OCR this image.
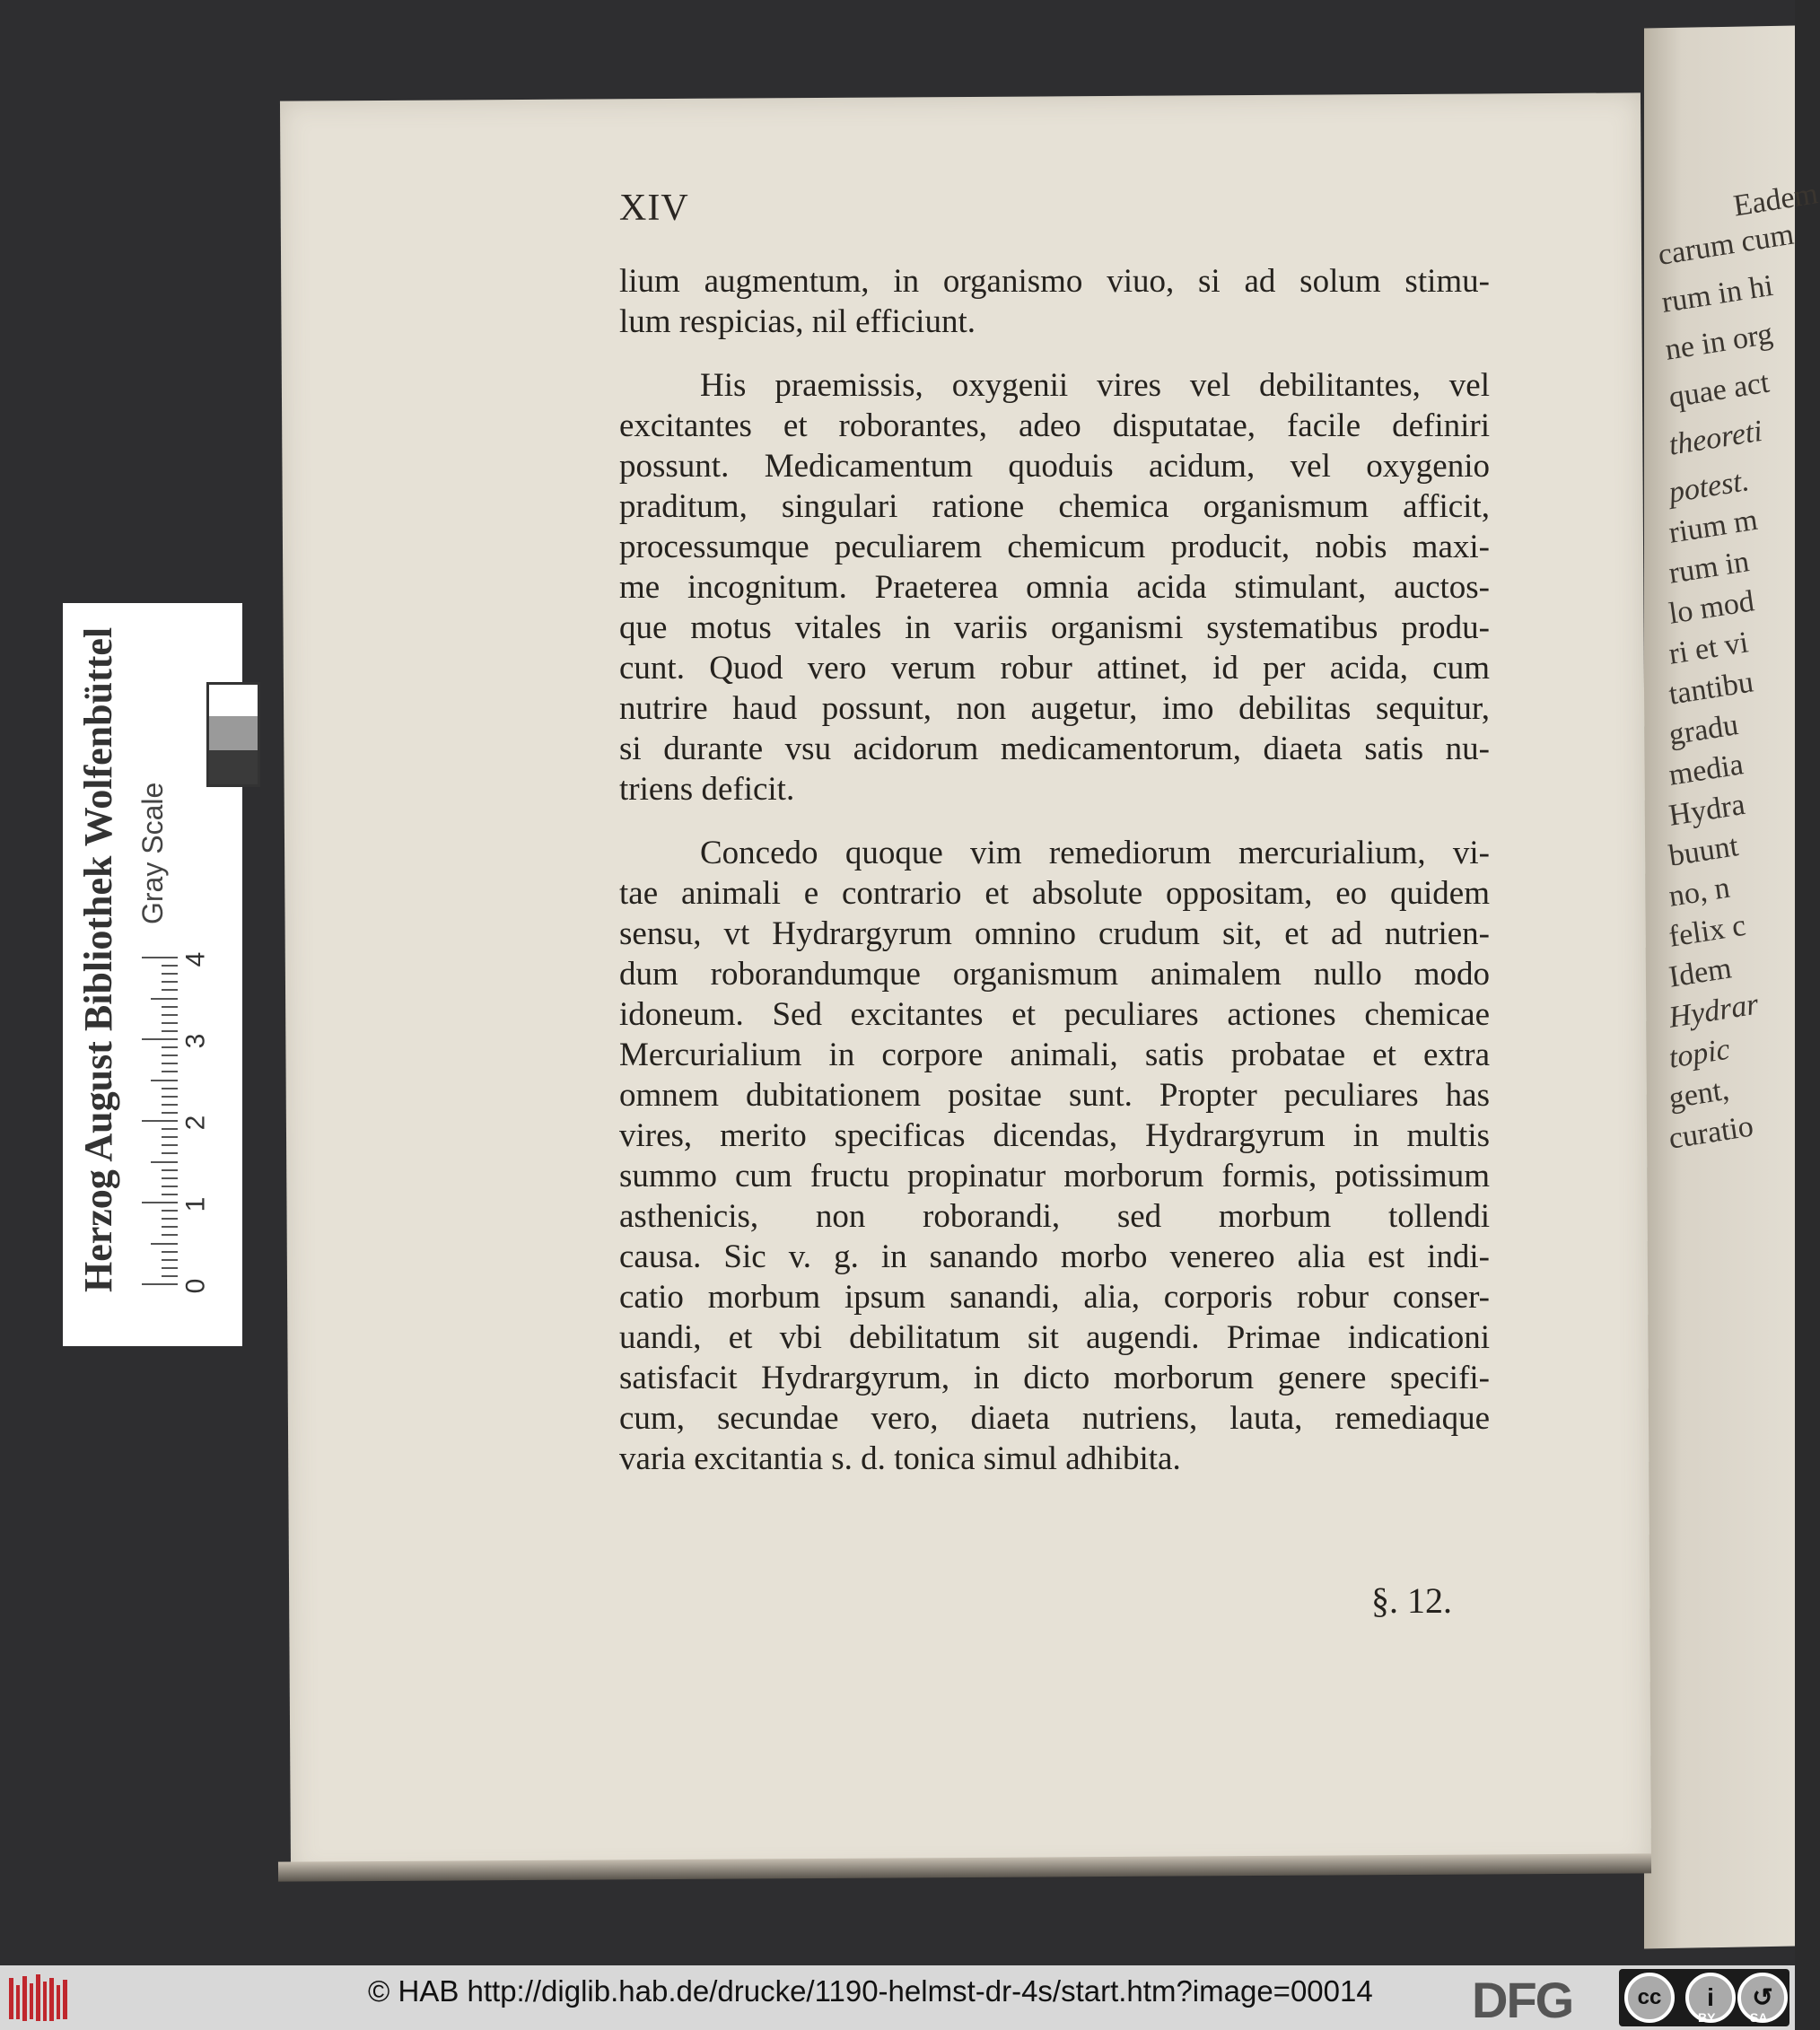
Eadem
carum cum
rum in hi
ne in org
quae act
theoreti
potest.
rium m
rum in
lo mod
ri et vi
tantibu
gradu
media
Hydra
buunt
no, n
felix c
Idem
Hydrar
topic
gent,
curatio
XIV
lium augmentum, in organismo viuo, si ad solum stimu-
lum respicias, nil efficiunt.
His praemissis, oxygenii vires vel debilitantes, vel
excitantes et roborantes, adeo disputatae, facile definiri
possunt. Medicamentum quoduis acidum, vel oxygenio
praditum, singulari ratione chemica organismum afficit,
processumque peculiarem chemicum producit, nobis maxi-
me incognitum. Praeterea omnia acida stimulant, auctos-
que motus vitales in variis organismi systematibus produ-
cunt. Quod vero verum robur attinet, id per acida, cum
nutrire haud possunt, non augetur, imo debilitas sequitur,
si durante vsu acidorum medicamentorum, diaeta satis nu-
triens deficit.
Concedo quoque vim remediorum mercurialium, vi-
tae animali e contrario et absolute oppositam, eo quidem
sensu, vt Hydrargyrum omnino crudum sit, et ad nutrien-
dum roborandumque organismum animalem nullo modo
idoneum. Sed excitantes et peculiares actiones chemicae
Mercurialium in corpore animali, satis probatae et extra
omnem dubitationem positae sunt. Propter peculiares has
vires, merito specificas dicendas, Hydrargyrum in multis
summo cum fructu propinatur morborum formis, potissimum
asthenicis, non roborandi, sed morbum tollendi
causa. Sic v. g. in sanando morbo venereo alia est indi-
catio morbum ipsum sanandi, alia, corporis robur conser-
uandi, et vbi debilitatum sit augendi. Primae indicationi
satisfacit Hydrargyrum, in dicto morborum genere specifi-
cum, secundae vero, diaeta nutriens, lauta, remediaque
varia excitantia s. d. tonica simul adhibita.
§. 12.
Herzog August Bibliothek Wolfenbüttel Gray Scale
0
1
2
3
4
© HAB http://diglib.hab.de/drucke/1190-helmst-dr-4s/start.htm?image=00014 DFG	cc	i	↺
BY	SA
